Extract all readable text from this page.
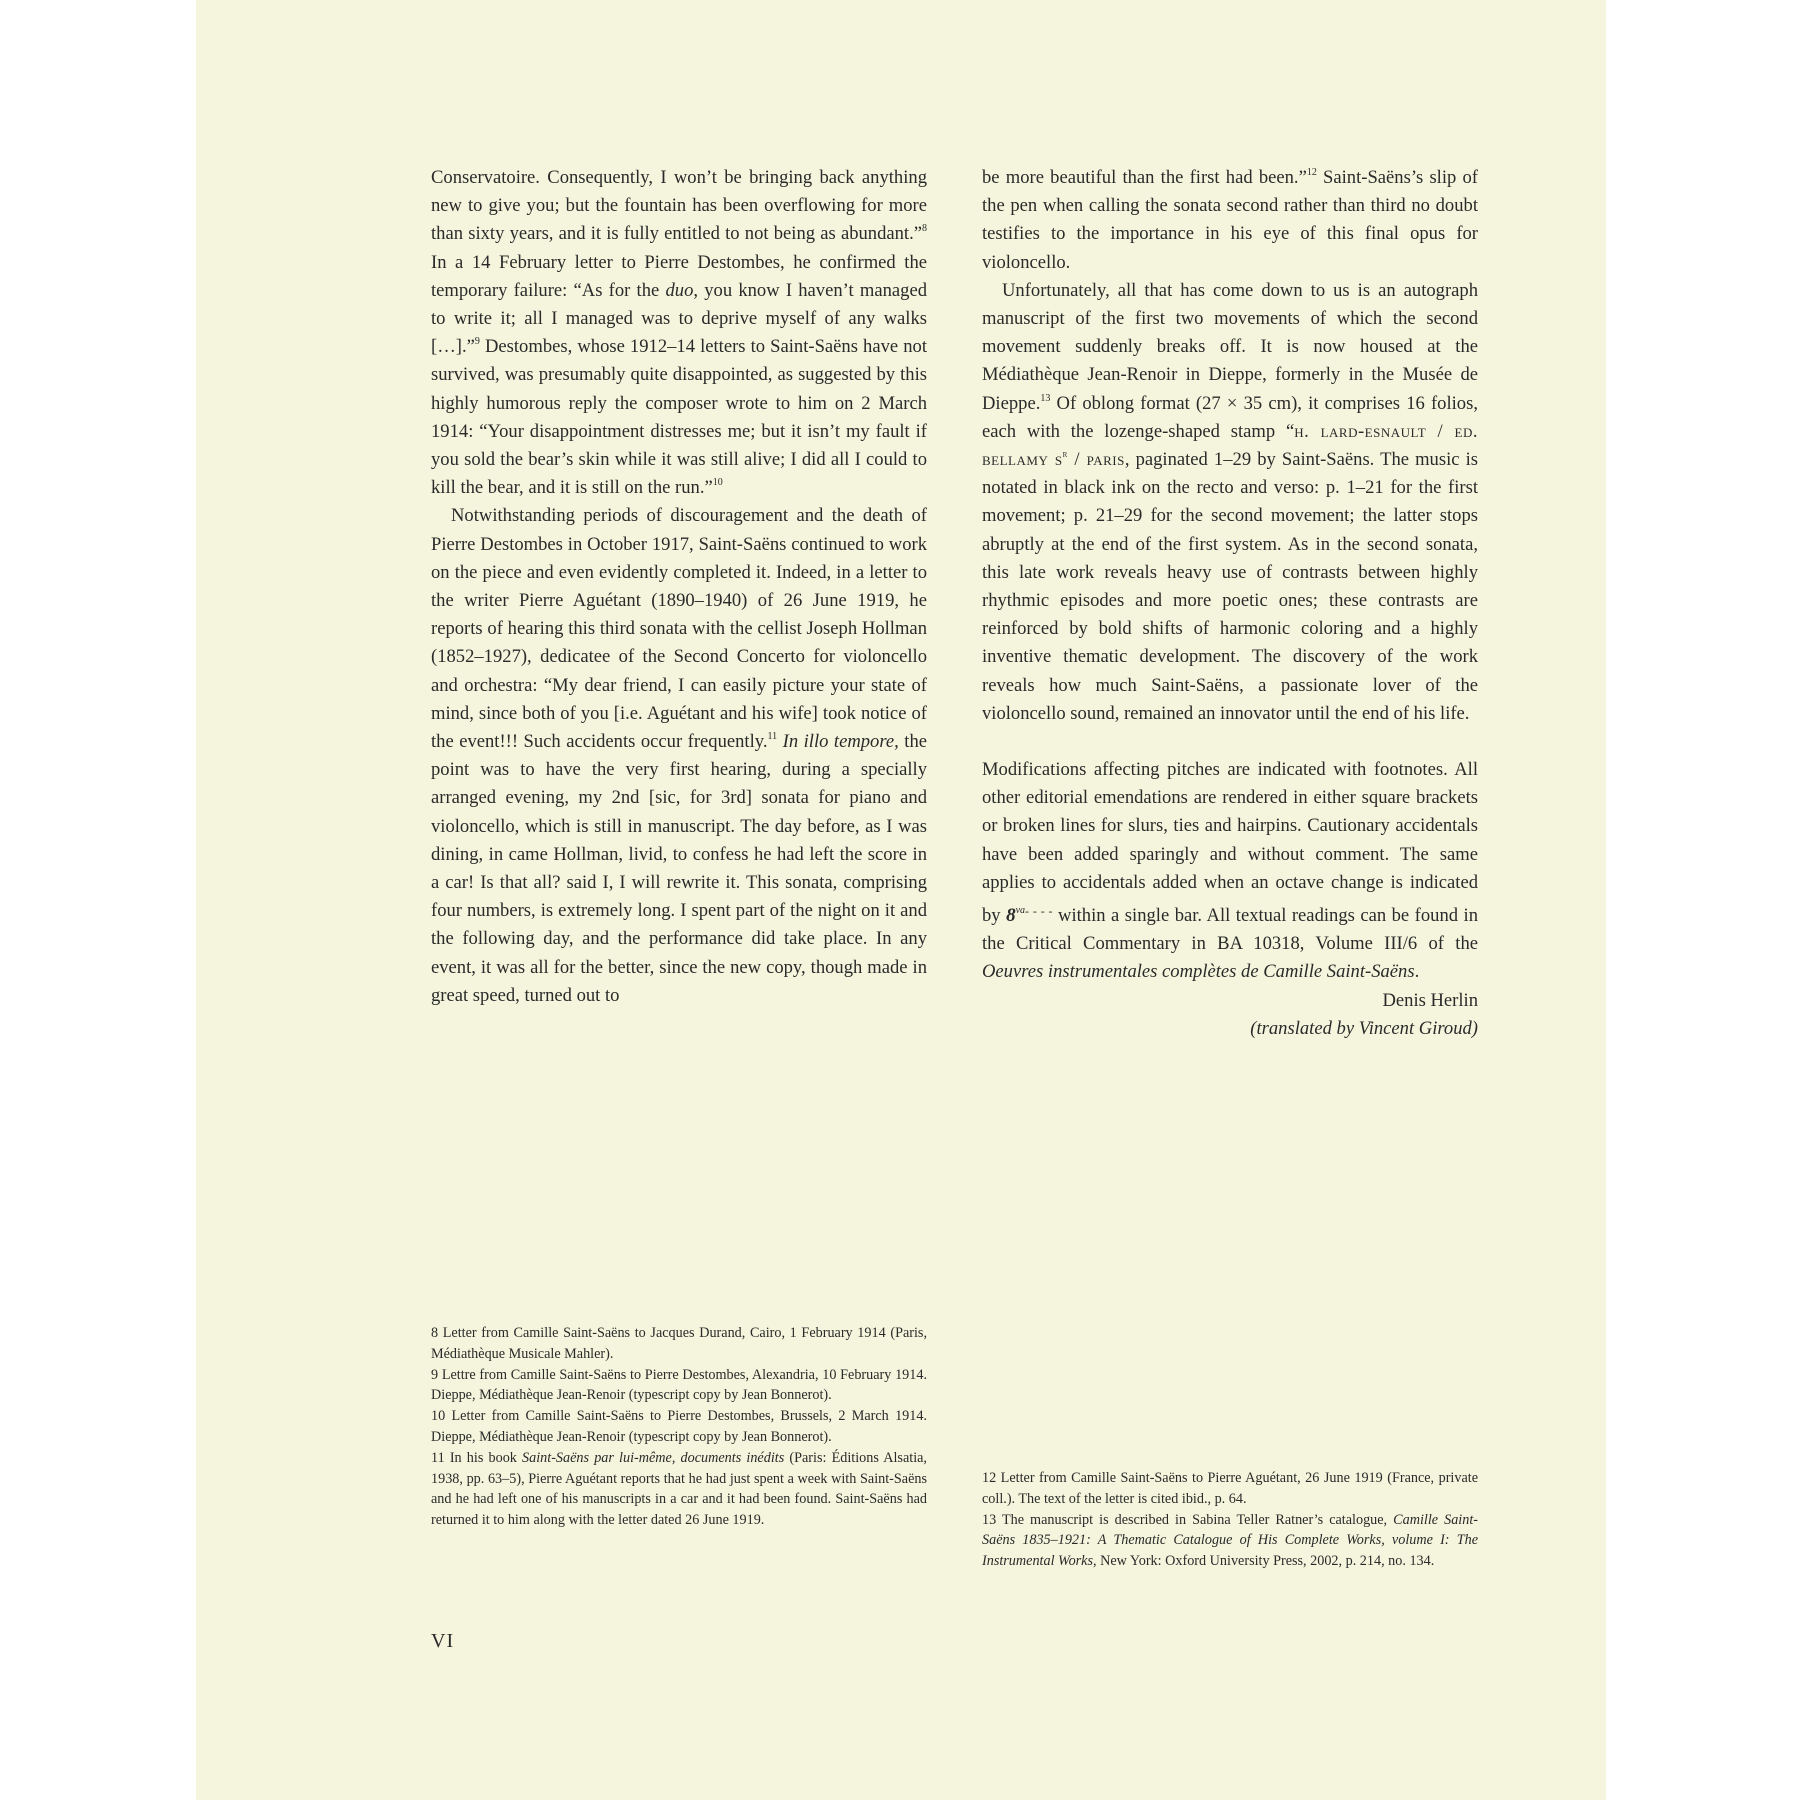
Conservatoire. Consequently, I won’t be bringing back anything new to give you; but the fountain has been overflowing for more than sixty years, and it is fully entitled to not being as abundant.”$^8$ In a 14 February letter to Pierre Destombes, he confirmed the temporary failure: “As for the duo, you know I haven’t managed to write it; all I managed was to deprive myself of any walks […].”$^9$ Destombes, whose 1912–14 letters to Saint-Saëns have not survived, was presumably quite disappointed, as suggested by this highly humorous reply the composer wrote to him on 2 March 1914: “Your disappointment distresses me; but it isn’t my fault if you sold the bear’s skin while it was still alive; I did all I could to kill the bear, and it is still on the run.”$^{10}$

Notwithstanding periods of discouragement and the death of Pierre Destombes in October 1917, Saint-Saëns continued to work on the piece and even evidently completed it. Indeed, in a letter to the writer Pierre Aguétant (1890–1940) of 26 June 1919, he reports of hearing this third sonata with the cellist Joseph Hollman (1852–1927), dedicatee of the Second Concerto for violoncello and orchestra: “My dear friend, I can easily picture your state of mind, since both of you [i.e. Aguétant and his wife] took notice of the event!!! Such accidents occur frequently.$^{11}$ In illo tempore, the point was to have the very first hearing, during a specially arranged evening, my 2nd [sic, for 3rd] sonata for piano and violoncello, which is still in manuscript. The day before, as I was dining, in came Hollman, livid, to confess he had left the score in a car! Is that all? said I, I will rewrite it. This sonata, comprising four numbers, is extremely long. I spent part of the night on it and the following day, and the performance did take place. In any event, it was all for the better, since the new copy, though made in great speed, turned out to

be more beautiful than the first had been.”$^{12}$ Saint-Saëns’s slip of the pen when calling the sonata second rather than third no doubt testifies to the importance in his eye of this final opus for violoncello.

Unfortunately, all that has come down to us is an autograph manuscript of the first two movements of which the second movement suddenly breaks off. It is now housed at the Médiathèque Jean-Renoir in Dieppe, formerly in the Musée de Dieppe.$^{13}$ Of oblong format (27 × 35 cm), it comprises 16 folios, each with the lozenge-shaped stamp “h. lard-esnault / ed. bellamy $s^r$ / paris, paginated 1–29 by Saint-Saëns. The music is notated in black ink on the recto and verso: p. 1–21 for the first movement; p. 21–29 for the second movement; the latter stops abruptly at the end of the first system. As in the second sonata, this late work reveals heavy use of contrasts between highly rhythmic episodes and more poetic ones; these contrasts are reinforced by bold shifts of harmonic coloring and a highly inventive thematic development. The discovery of the work reveals how much Saint-Saëns, a passionate lover of the violoncello sound, remained an innovator until the end of his life.

Modifications affecting pitches are indicated with footnotes. All other editorial emendations are rendered in either square brackets or broken lines for slurs, ties and hairpins. Cautionary accidentals have been added sparingly and without comment. The same applies to accidentals added when an octave change is indicated by $8^{va- - - -}$ within a single bar. All textual readings can be found in the Critical Commentary in BA 10318, Volume III/6 of the Oeuvres instrumentales complètes de Camille Saint-Saëns.

Denis Herlin

(translated by Vincent Giroud)

8 Letter from Camille Saint-Saëns to Jacques Durand, Cairo, 1 February 1914 (Paris, Médiathèque Musicale Mahler).

9 Lettre from Camille Saint-Saëns to Pierre Destombes, Alexandria, 10 February 1914. Dieppe, Médiathèque Jean-Renoir (typescript copy by Jean Bonnerot).

10 Letter from Camille Saint-Saëns to Pierre Destombes, Brussels, 2 March 1914. Dieppe, Médiathèque Jean-Renoir (typescript copy by Jean Bonnerot).

11 In his book Saint-Saëns par lui-même, documents inédits (Paris: Éditions Alsatia, 1938, pp. 63–5), Pierre Aguétant reports that he had just spent a week with Saint-Saëns and he had left one of his manuscripts in a car and it had been found. Saint-Saëns had returned it to him along with the letter dated 26 June 1919.

12 Letter from Camille Saint-Saëns to Pierre Aguétant, 26 June 1919 (France, private coll.). The text of the letter is cited ibid., p. 64.

13 The manuscript is described in Sabina Teller Ratner’s catalogue, Camille Saint-Saëns 1835–1921: A Thematic Catalogue of His Complete Works, volume I: The Instrumental Works, New York: Oxford University Press, 2002, p. 214, no. 134.

VI
